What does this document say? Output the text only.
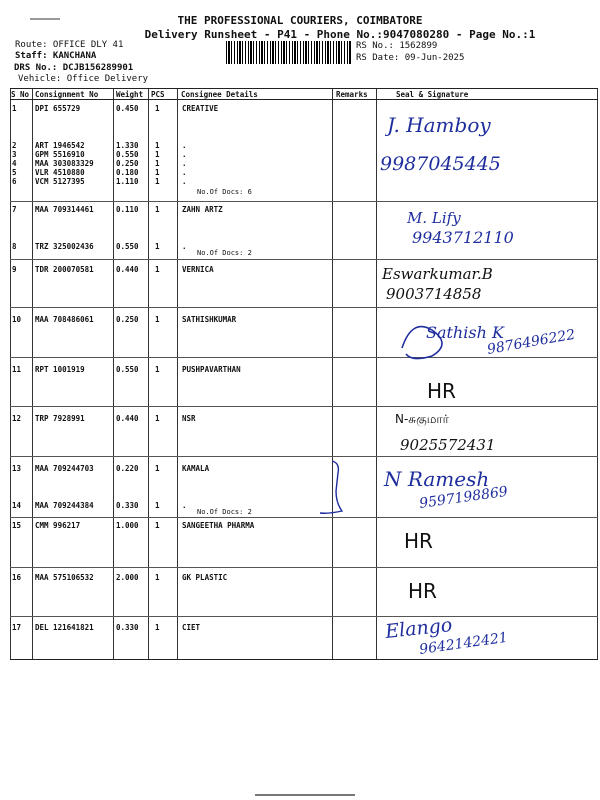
THE PROFESSIONAL COURIERS, COIMBATORE
Delivery Runsheet - P41 - Phone No.:9047080280 - Page No.:1
Route: OFFICE DLY 41
Staff: KANCHANA
DRS No.: DCJB156289901
Vehicle: Office Delivery
RS No.: 1562899
RS Date: 09-Jun-2025
S No Consignment No Weight PCS Consignee Details	Remarks	Seal & Signature
1 DPI 655729	0.450 1	CREATIVE
2 ART 1946542	1.330 1	.
3 GPM 5516910	0.550 1	.
4 MAA 303083329	0.250 1	.
5 VLR 4510880	0.180 1	.
6 VCM 5127395	1.110 1	.
No.Of Docs: 6
7 MAA 709314461	0.110 1	ZAHN ARTZ
8 TRZ 325002436	0.550 1	.
No.Of Docs: 2
9 TDR 200070581	0.440 1	VERNICA
10 MAA 708486061	0.250 1	SATHISHKUMAR
11 RPT 1001919	0.550 1	PUSHPAVARTHAN
12 TRP 7928991	0.440 1	NSR
13 MAA 709244703	0.220 1	KAMALA
14 MAA 709244384	0.330 1	.
No.Of Docs: 2
15 CMM 996217	1.000 1	SANGEETHA PHARMA
16 MAA 575106532	2.000 1	GK PLASTIC
17 DEL 121641821	0.330 1	CIET
J. Hamboy
9987045445
M. Lify
9943712110
Eswarkumar.B
9003714858
Sathish K
9876496222
HR
N-சுகுமார்
9025572431
N Ramesh
9597198869
HR
HR
Elango
9642142421
